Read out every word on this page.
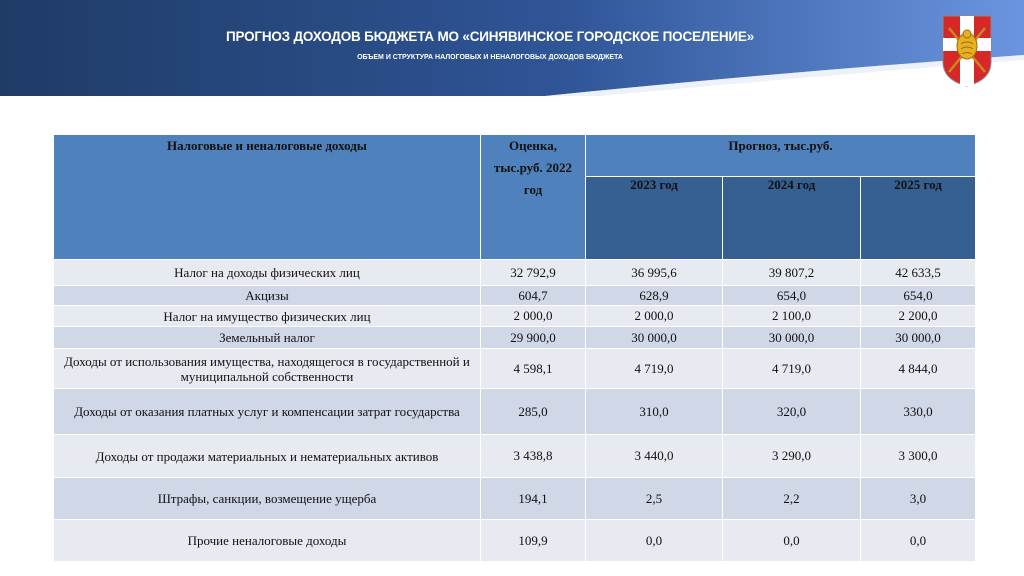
ПРОГНОЗ ДОХОДОВ БЮДЖЕТА МО «СИНЯВИНСКОЕ ГОРОДСКОЕ ПОСЕЛЕНИЕ»
ОБЪЕМ И СТРУКТУРА НАЛОГОВЫХ И НЕНАЛОГОВЫХ ДОХОДОВ БЮДЖЕТА
Налоговые и неналоговые доходы	Оценка, тыс.руб. 2022 год	Прогноз, тыс.руб.		
		2023 год	2024 год	2025 год
Налог на доходы физических лиц	32 792,9	36 995,6	39 807,2	42 633,5
Акцизы	604,7	628,9	654,0	654,0
Налог на имущество физических лиц	2 000,0	2 000,0	2 100,0	2 200,0
Земельный налог	29 900,0	30 000,0	30 000,0	30 000,0
Доходы от использования имущества, находящегося в государственной и муниципальной собственности	4 598,1	4 719,0	4 719,0	4 844,0
Доходы от оказания платных услуг и компенсации затрат государства	285,0	310,0	320,0	330,0
Доходы от продажи материальных и нематериальных активов	3 438,8	3 440,0	3 290,0	3 300,0
Штрафы, санкции, возмещение ущерба	194,1	2,5	2,2	3,0
Прочие неналоговые доходы	109,9	0,0	0,0	0,0
